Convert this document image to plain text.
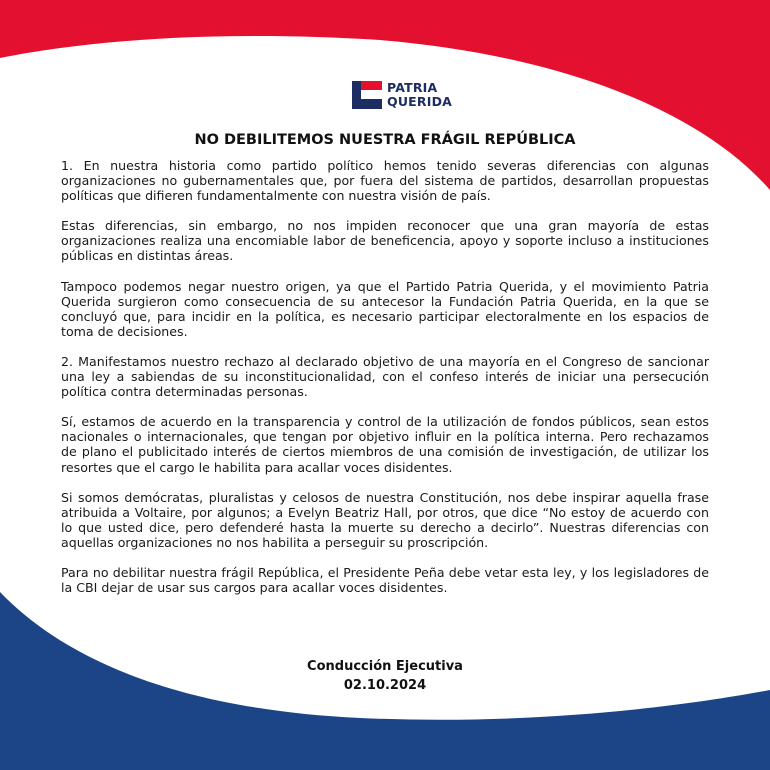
PATRIA
QUERIDA
NO DEBILITEMOS NUESTRA FRÁGIL REPÚBLICA

1. En nuestra historia como partido político hemos tenido severas diferencias con algunas organizaciones no gubernamentales que, por fuera del sistema de partidos, desarrollan propuestas políticas que difieren fundamentalmente con nuestra visión de país.

Estas diferencias, sin embargo, no nos impiden reconocer que una gran mayoría de estas organizaciones realiza una encomiable labor de beneficencia, apoyo y soporte incluso a instituciones públicas en distintas áreas.

Tampoco podemos negar nuestro origen, ya que el Partido Patria Querida, y el movimiento Patria Querida surgieron como consecuencia de su antecesor la Fundación Patria Querida, en la que se concluyó que, para incidir en la política, es necesario participar electoralmente en los espacios de toma de decisiones.

2. Manifestamos nuestro rechazo al declarado objetivo de una mayoría en el Congreso de sancionar una ley a sabiendas de su inconstitucionalidad, con el confeso interés de iniciar una persecución política contra determinadas personas.

Sí, estamos de acuerdo en la transparencia y control de la utilización de fondos públicos, sean estos nacionales o internacionales, que tengan por objetivo influir en la política interna. Pero rechazamos de plano el publicitado interés de ciertos miembros de una comisión de investigación, de utilizar los resortes que el cargo le habilita para acallar voces disidentes.

Si somos demócratas, pluralistas y celosos de nuestra Constitución, nos debe inspirar aquella frase atribuida a Voltaire, por algunos; a Evelyn Beatriz Hall, por otros, que dice “No estoy de acuerdo con lo que usted dice, pero defenderé hasta la muerte su derecho a decirlo”. Nuestras diferencias con aquellas organizaciones no nos habilita a perseguir su proscripción.

Para no debilitar nuestra frágil República, el Presidente Peña debe vetar esta ley, y los legisladores de la CBI dejar de usar sus cargos para acallar voces disidentes.

Conducción Ejecutiva
02.10.2024
